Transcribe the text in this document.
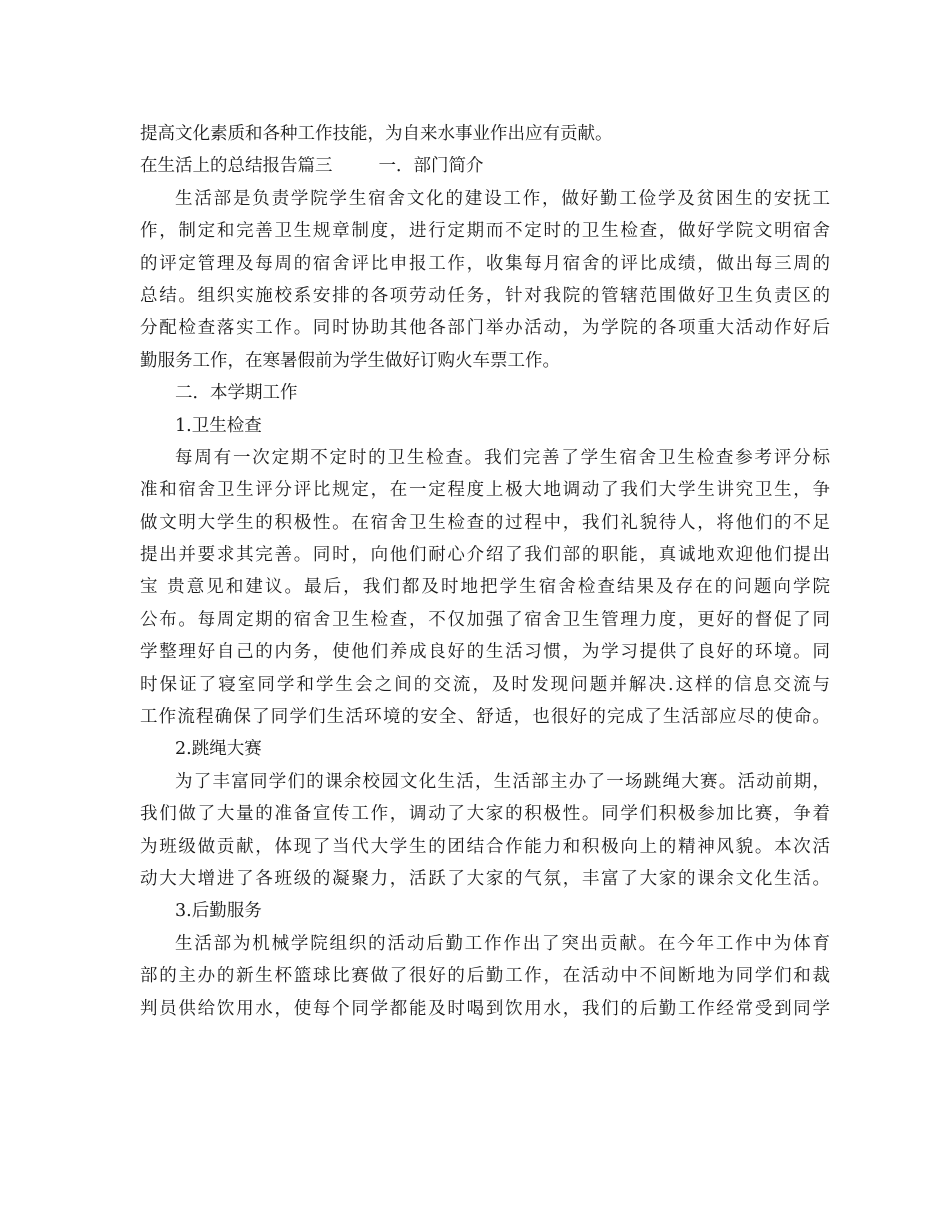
提高文化素质和各种工作技能，为自来水事业作出应有贡献。
在生活上的总结报告篇三	一．部门简介
生活部是负责学院学生宿舍文化的建设工作，做好勤工俭学及贫困生的安抚工
作，制定和完善卫生规章制度，进行定期而不定时的卫生检查，做好学院文明宿舍
的评定管理及每周的宿舍评比申报工作，收集每月宿舍的评比成绩，做出每三周的
总结。组织实施校系安排的各项劳动任务，针对我院的管辖范围做好卫生负责区的
分配检查落实工作。同时协助其他各部门举办活动，为学院的各项重大活动作好后
勤服务工作，在寒暑假前为学生做好订购火车票工作。
二．本学期工作
1.卫生检查
每周有一次定期不定时的卫生检查。我们完善了学生宿舍卫生检查参考评分标
准和宿舍卫生评分评比规定，在一定程度上极大地调动了我们大学生讲究卫生，争
做文明大学生的积极性。在宿舍卫生检查的过程中，我们礼貌待人，将他们的不足
提出并要求其完善。同时，向他们耐心介绍了我们部的职能，真诚地欢迎他们提出
宝 贵意见和建议。最后，我们都及时地把学生宿舍检查结果及存在的问题向学院
公布。每周定期的宿舍卫生检查，不仅加强了宿舍卫生管理力度，更好的督促了同
学整理好自己的内务，使他们养成良好的生活习惯，为学习提供了良好的环境。同
时保证了寝室同学和学生会之间的交流，及时发现问题并解决.这样的信息交流与
工作流程确保了同学们生活环境的安全、舒适，也很好的完成了生活部应尽的使命。
2.跳绳大赛
为了丰富同学们的课余校园文化生活，生活部主办了一场跳绳大赛。活动前期，
我们做了大量的准备宣传工作，调动了大家的积极性。同学们积极参加比赛，争着
为班级做贡献，体现了当代大学生的团结合作能力和积极向上的精神风貌。本次活
动大大增进了各班级的凝聚力，活跃了大家的气氛，丰富了大家的课余文化生活。
3.后勤服务
生活部为机械学院组织的活动后勤工作作出了突出贡献。在今年工作中为体育
部的主办的新生杯篮球比赛做了很好的后勤工作，在活动中不间断地为同学们和裁
判员供给饮用水，使每个同学都能及时喝到饮用水，我们的后勤工作经常受到同学
